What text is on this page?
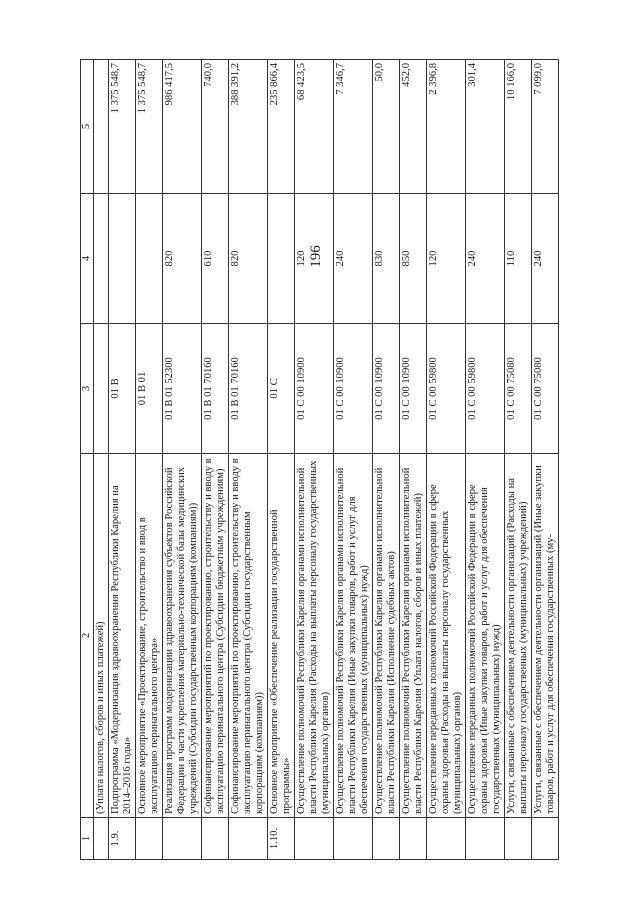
196
1	2	3	4	5
	(Уплата налогов, сборов и иных платежей)			
1.9.	Подпрограмма «Модернизация здравоохранения Республики Карелия на 2014–2016 годы»	01 В		1 375 548,7
	Основное мероприятие «Проектирование, строительство и ввод в эксплуатацию перинатального центра»	01 В 01		1 375 548,7
	Реализация программ модернизации здравоохранения субъектов Российской Федерации в части укрепления материально-технической базы медицинских учреждений (Субсидии государственным корпорациям (компаниям))	01 В 01 52300	820	986 417,5
	Софинансирование мероприятий по проектированию, строительству и вводу в эксплуатацию перинатального центра (Субсидии бюджетным учреждениям)	01 В 01 70160	610	740,0
	Софинансирование мероприятий по проектированию, строительству и вводу в эксплуатацию перинатального центра (Субсидии государственным корпорациям (компаниям))	01 В 01 70160	820	388 391,2
1.10.	Основное мероприятие «Обеспечение реализации государственной программы»	01 С		235 866,4
	Осуществление полномочий Республики Карелия органами исполнительной власти Республики Карелия (Расходы на выплаты персоналу государственных (муниципальных) органов)	01 С 00 10900	120	68 423,5
	Осуществление полномочий Республики Карелия органами исполнительной власти Республики Карелия (Иные закупки товаров, работ и услуг для обеспечения государственных (муниципальных) нужд)	01 С 00 10900	240	7 346,7
	Осуществление полномочий Республики Карелия органами исполнительной власти Республики Карелия (Исполнение судебных актов)	01 С 00 10900	830	50,0
	Осуществление полномочий Республики Карелия органами исполнительной власти Республики Карелия (Уплата налогов, сборов и иных платежей)	01 С 00 10900	850	452,0
	Осуществление переданных полномочий Российской Федерации в сфере охраны здоровья (Расходы на выплаты персоналу государственных (муниципальных) органов)	01 С 00 59800	120	2 396,8
	Осуществление переданных полномочий Российской Федерации в сфере охраны здоровья (Иные закупки товаров, работ и услуг для обеспечения государственных (муниципальных) нужд)	01 С 00 59800	240	301,4
	Услуги, связанные с обеспечением деятельности организаций (Расходы на выплаты персоналу государственных (муниципальных) учреждений)	01 С 00 75080	110	10 166,0
	Услуги, связанные с обеспечением деятельности организаций (Иные закупки товаров, работ и услуг для обеспечения государственных (му-	01 С 00 75080	240	7 099,0
